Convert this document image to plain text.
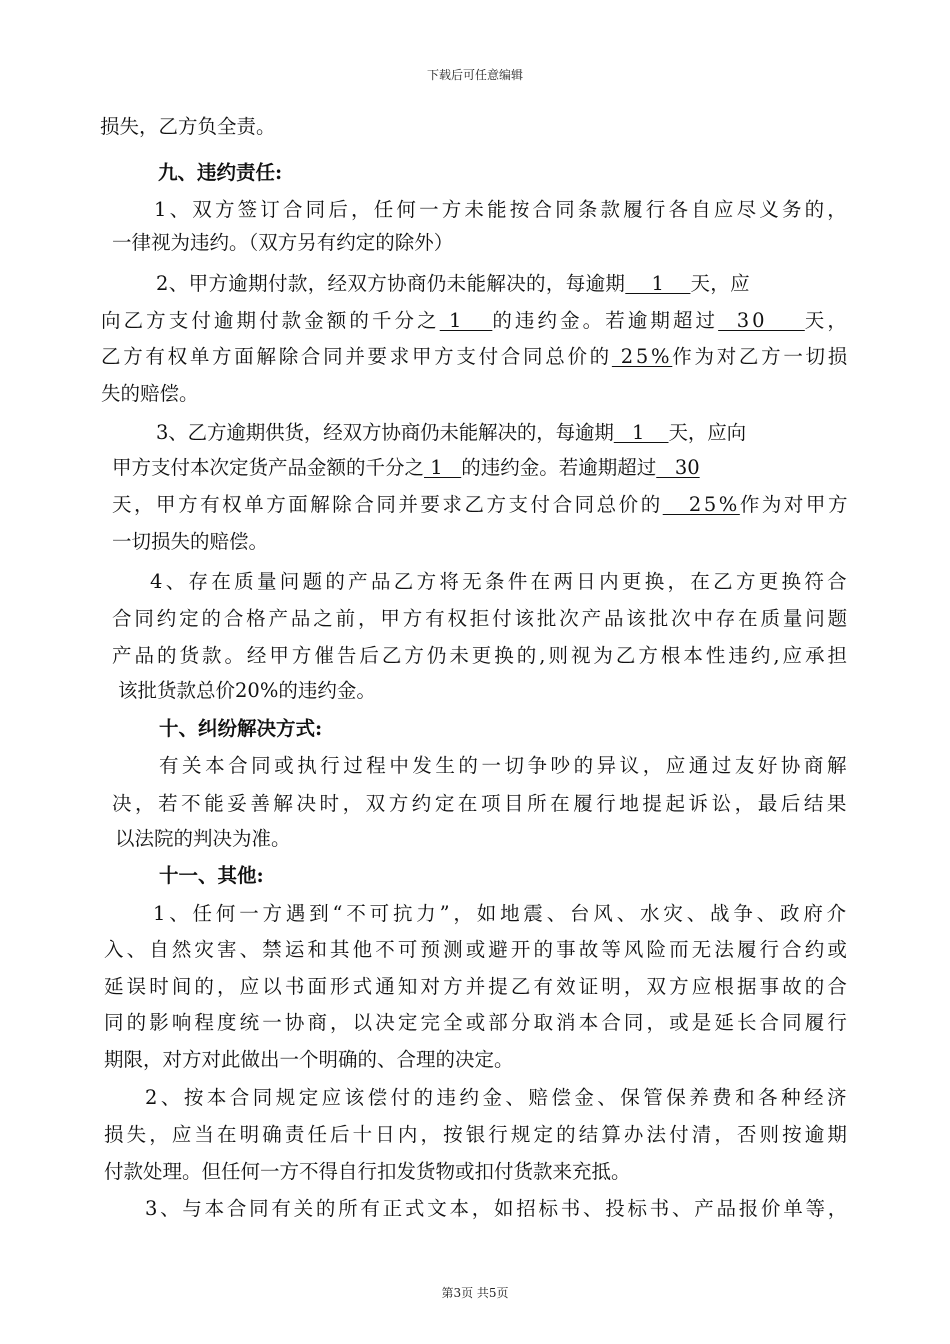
下载后可任意编辑
损失，乙方负全责。
九、违约责任:
1、双方签订合同后，任何一方未能按合同条款履行各自应尽义务的，
一律视为违约。（双方另有约定的除外）
2、甲方逾期付款，经双方协商仍未能解决的，每逾期    1    天，应
向乙方支付逾期付款金额的千分之 1   的违约金。若逾期超过  30    天，
乙方有权单方面解除合同并要求甲方支付合同总价的 25%作为对乙方一切损
失的赔偿。
3、乙方逾期供货，经双方协商仍未能解决的，每逾期   1    天，应向
甲方支付本次定货产品金额的千分之 1   的违约金。若逾期超过   30
天，甲方有权单方面解除合同并要求乙方支付合同总价的   25%作为对甲方
一切损失的赔偿。
4、存在质量问题的产品乙方将无条件在两日内更换，在乙方更换符合
合同约定的合格产品之前，甲方有权拒付该批次产品该批次中存在质量问题
产品的货款。经甲方催告后乙方仍未更换的,则视为乙方根本性违约,应承担
该批货款总价20%的违约金。
十、纠纷解决方式:
有关本合同或执行过程中发生的一切争吵的异议，应通过友好协商解
决，若不能妥善解决时，双方约定在项目所在履行地提起诉讼，最后结果
以法院的判决为准。
十一、其他:
1、任何一方遇到“不可抗力”，如地震、台风、水灾、战争、政府介
入、自然灾害、禁运和其他不可预测或避开的事故等风险而无法履行合约或
延误时间的，应以书面形式通知对方并提乙有效证明，双方应根据事故的合
同的影响程度统一协商，以决定完全或部分取消本合同，或是延长合同履行
期限，对方对此做出一个明确的、合理的决定。
2、按本合同规定应该偿付的违约金、赔偿金、保管保养费和各种经济
损失，应当在明确责任后十日内，按银行规定的结算办法付清，否则按逾期
付款处理。但任何一方不得自行扣发货物或扣付货款来充抵。
3、与本合同有关的所有正式文本，如招标书、投标书、产品报价单等，
第3页 共5页
